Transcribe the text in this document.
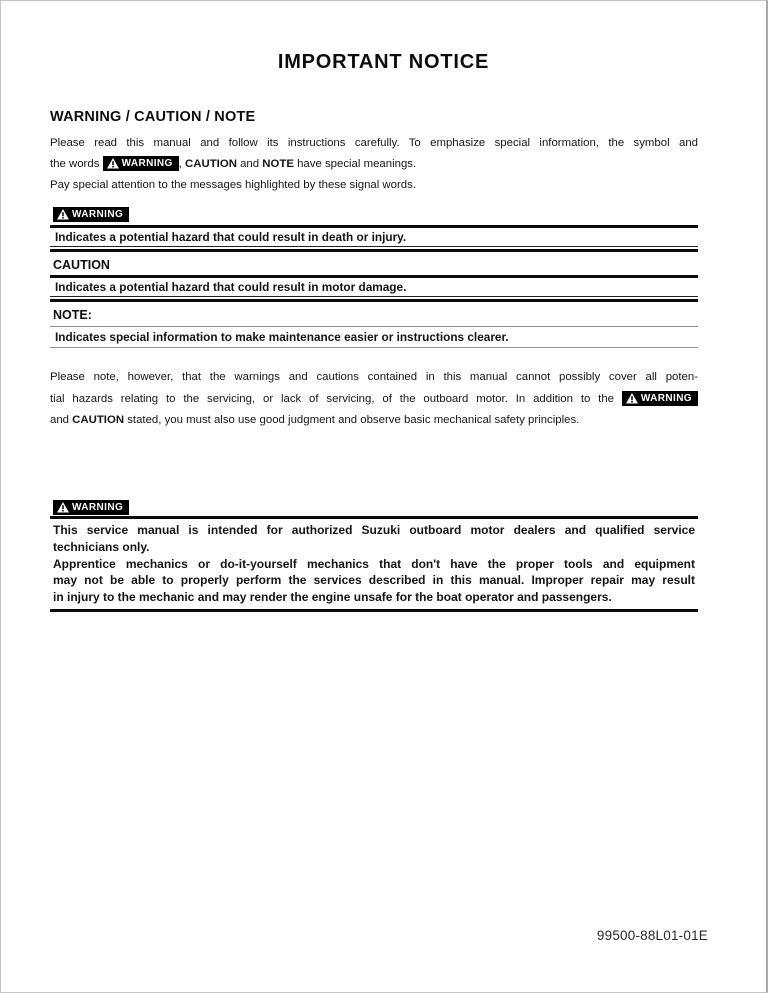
IMPORTANT NOTICE
WARNING / CAUTION / NOTE
Please read this manual and follow its instructions carefully. To emphasize special information, the symbol and
the words WARNING , CAUTION and NOTE have special meanings.
Pay special attention to the messages highlighted by these signal words.
WARNING
Indicates a potential hazard that could result in death or injury.
CAUTION
Indicates a potential hazard that could result in motor damage.
NOTE:
Indicates special information to make maintenance easier or instructions clearer.
Please note, however, that the warnings and cautions contained in this manual cannot possibly cover all poten-
tial hazards relating to the servicing, or lack of servicing, of the outboard motor. In addition to the WARNING
and CAUTION stated, you must also use good judgment and observe basic mechanical safety principles.
WARNING
This service manual is intended for authorized Suzuki outboard motor dealers and qualified service
technicians only.
Apprentice mechanics or do-it-yourself mechanics that don't have the proper tools and equipment
may not be able to properly perform the services described in this manual. Improper repair may result
in injury to the mechanic and may render the engine unsafe for the boat operator and passengers.
99500-88L01-01E
